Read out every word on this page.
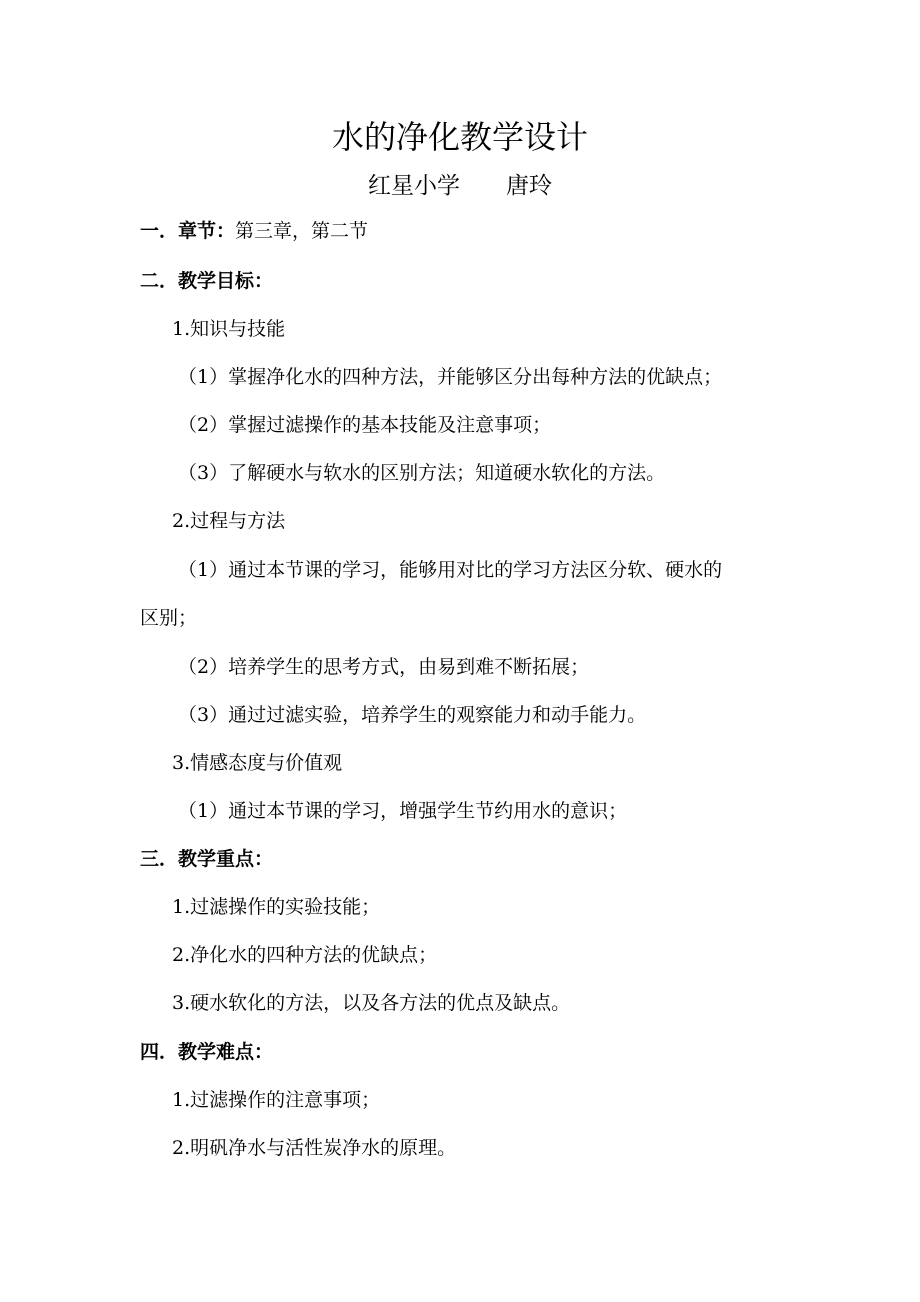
水的净化教学设计
红星小学　　唐玲
一．章节：第三章，第二节
二．教学目标：
1.知识与技能
（1）掌握净化水的四种方法，并能够区分出每种方法的优缺点；
（2）掌握过滤操作的基本技能及注意事项；
（3）了解硬水与软水的区别方法；知道硬水软化的方法。
2.过程与方法
（1）通过本节课的学习，能够用对比的学习方法区分软、硬水的
区别；
（2）培养学生的思考方式，由易到难不断拓展；
（3）通过过滤实验，培养学生的观察能力和动手能力。
3.情感态度与价值观
（1）通过本节课的学习，增强学生节约用水的意识；
三．教学重点：
1.过滤操作的实验技能；
2.净化水的四种方法的优缺点；
3.硬水软化的方法，以及各方法的优点及缺点。
四．教学难点：
1.过滤操作的注意事项；
2.明矾净水与活性炭净水的原理。
